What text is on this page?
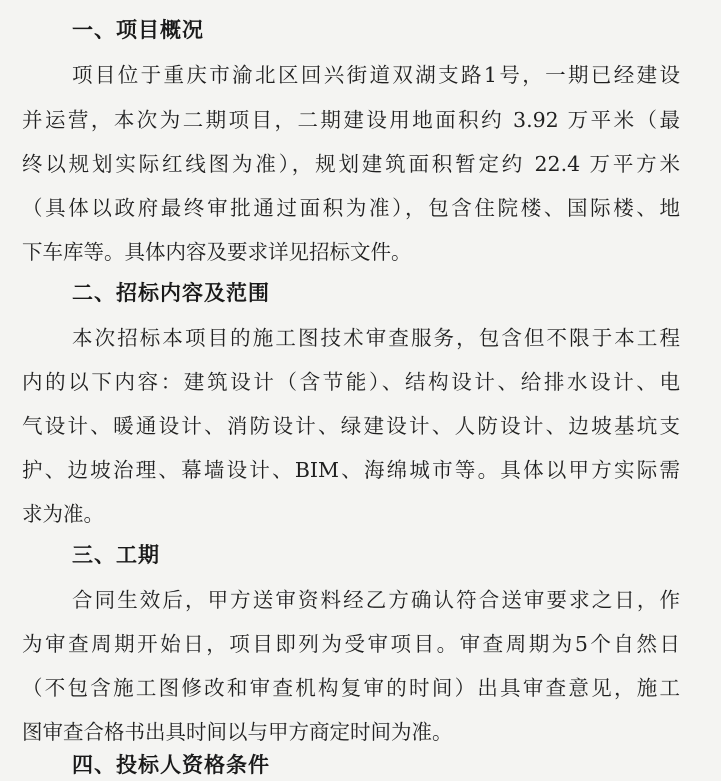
一、项目概况
项目位于重庆市渝北区回兴街道双湖支路1号，一期已经建设
并运营，本次为二期项目，二期建设用地面积约 3.92 万平米（最
终以规划实际红线图为准），规划建筑面积暂定约 22.4 万平方米
（具体以政府最终审批通过面积为准），包含住院楼、国际楼、地
下车库等。具体内容及要求详见招标文件。
二、招标内容及范围
本次招标本项目的施工图技术审查服务，包含但不限于本工程
内的以下内容：建筑设计（含节能）、结构设计、给排水设计、电
气设计、暖通设计、消防设计、绿建设计、人防设计、边坡基坑支
护、边坡治理、幕墙设计、BIM、海绵城市等。具体以甲方实际需
求为准。
三、工期
合同生效后，甲方送审资料经乙方确认符合送审要求之日，作
为审查周期开始日，项目即列为受审项目。审查周期为5个自然日
（不包含施工图修改和审查机构复审的时间）出具审查意见，施工
图审查合格书出具时间以与甲方商定时间为准。
四、投标人资格条件
